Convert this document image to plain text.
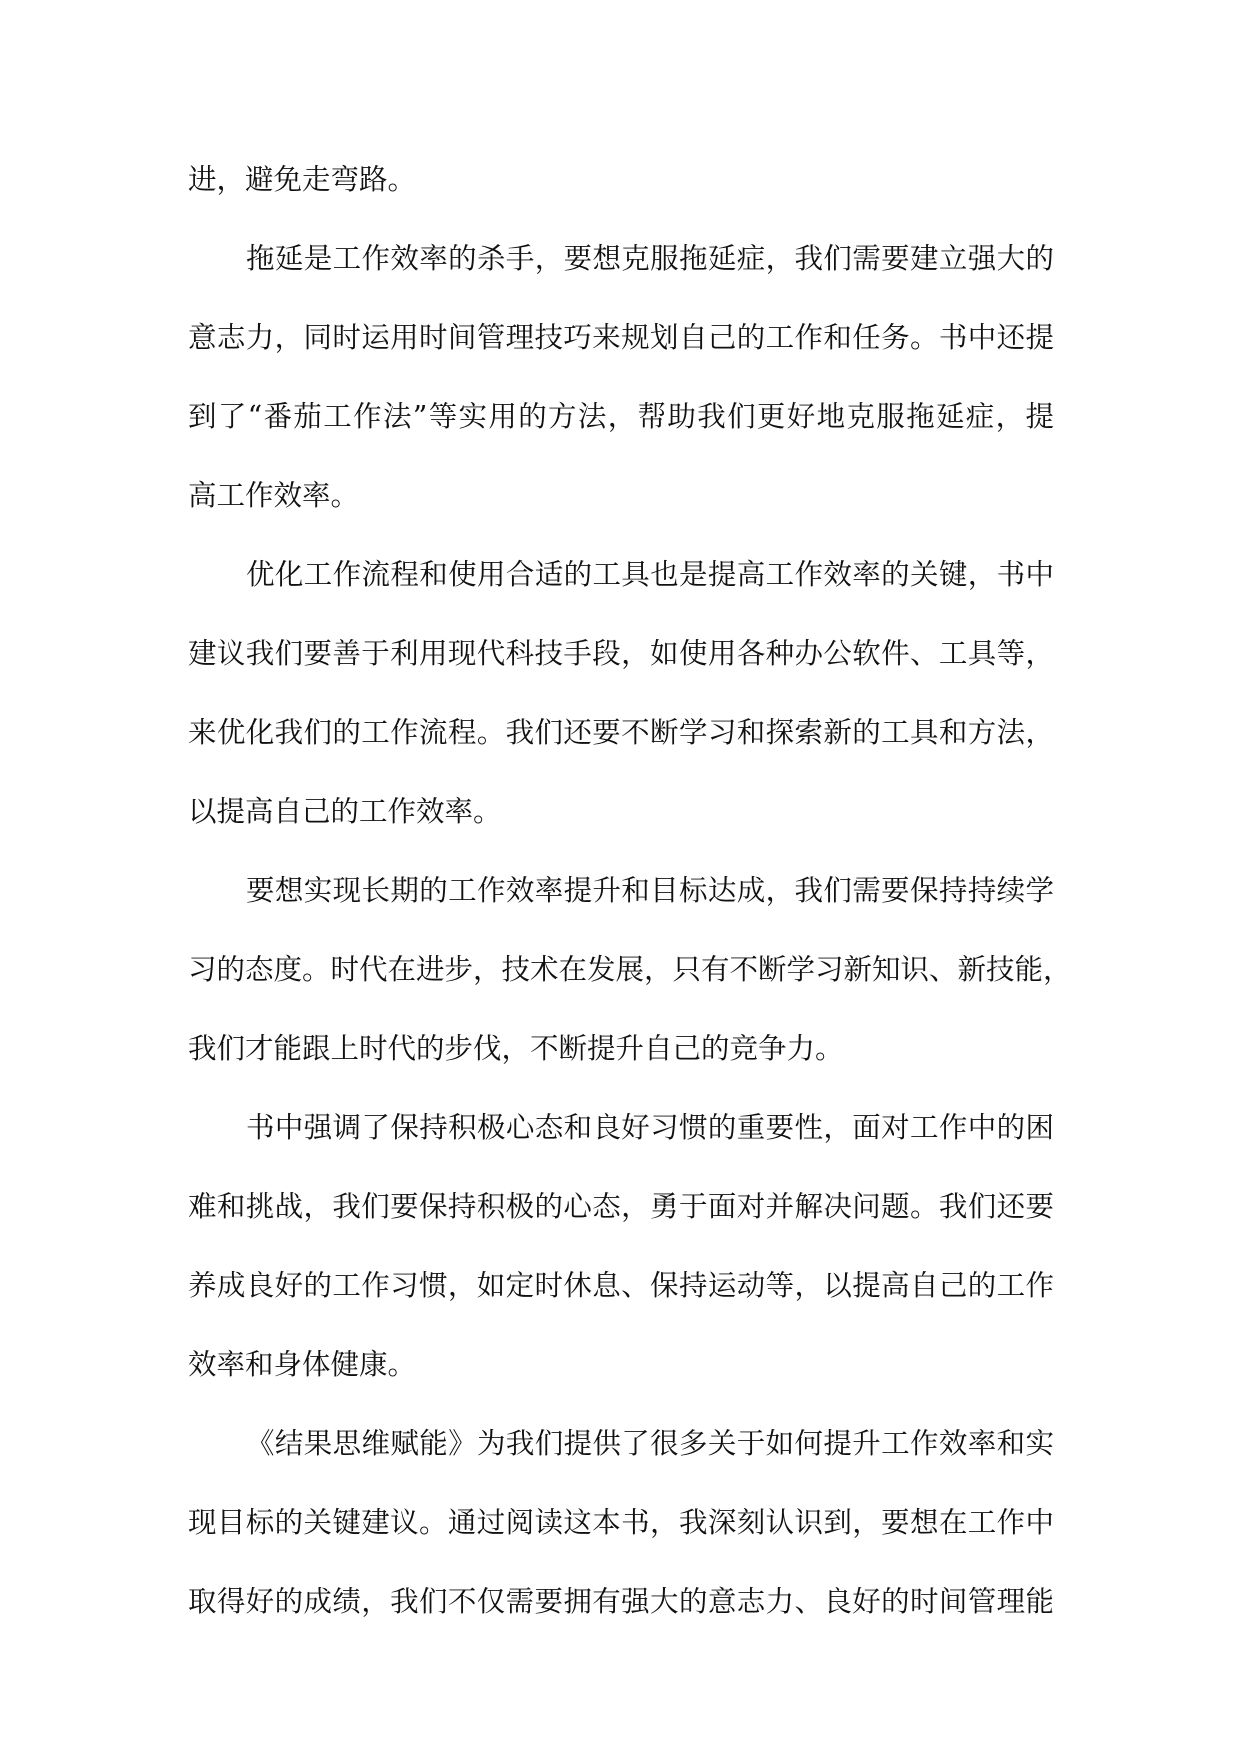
进，避免走弯路。
拖延是工作效率的杀手，要想克服拖延症，我们需要建立强大的
意志力，同时运用时间管理技巧来规划自己的工作和任务。书中还提
到了“番茄工作法”等实用的方法，帮助我们更好地克服拖延症，提
高工作效率。
优化工作流程和使用合适的工具也是提高工作效率的关键，书中
建议我们要善于利用现代科技手段，如使用各种办公软件、工具等，
来优化我们的工作流程。我们还要不断学习和探索新的工具和方法，
以提高自己的工作效率。
要想实现长期的工作效率提升和目标达成，我们需要保持持续学
习的态度。时代在进步，技术在发展，只有不断学习新知识、新技能，
我们才能跟上时代的步伐，不断提升自己的竞争力。
书中强调了保持积极心态和良好习惯的重要性，面对工作中的困
难和挑战，我们要保持积极的心态，勇于面对并解决问题。我们还要
养成良好的工作习惯，如定时休息、保持运动等，以提高自己的工作
效率和身体健康。
《结果思维赋能》为我们提供了很多关于如何提升工作效率和实
现目标的关键建议。通过阅读这本书，我深刻认识到，要想在工作中
取得好的成绩，我们不仅需要拥有强大的意志力、良好的时间管理能
